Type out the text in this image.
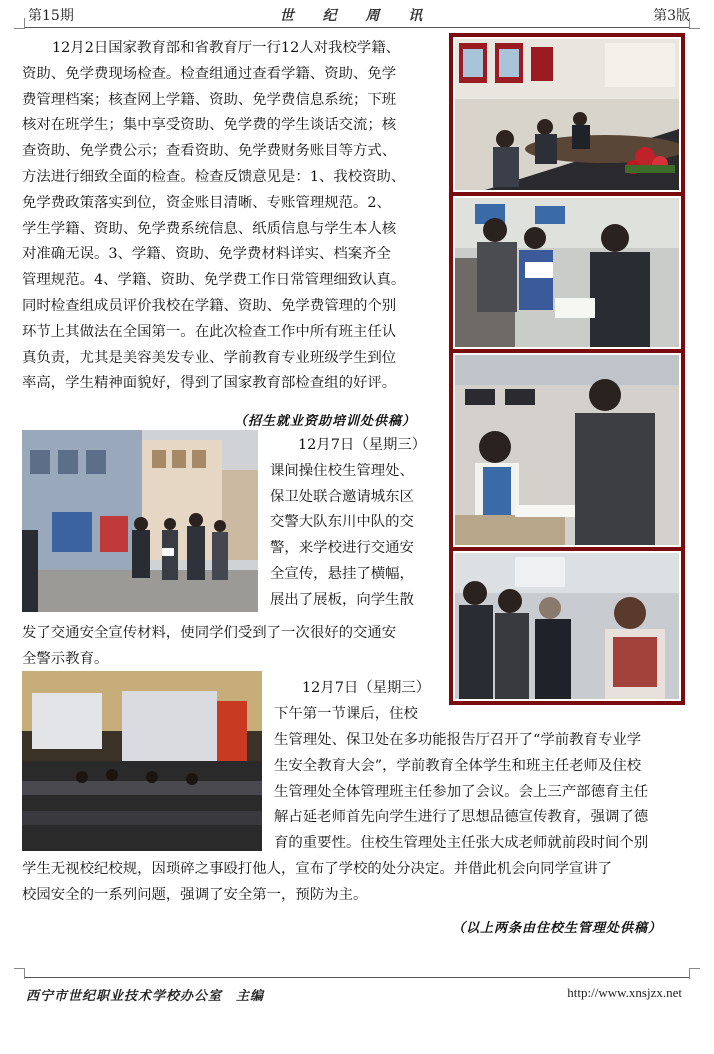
第15期	世 纪 周 讯	第3版

12月2日国家教育部和省教育厅一行12人对我校学籍、

资助、免学费现场检查。检查组通过查看学籍、资助、免学

费管理档案；核查网上学籍、资助、免学费信息系统；下班

核对在班学生；集中享受资助、免学费的学生谈话交流；核

查资助、免学费公示；查看资助、免学费财务账目等方式、

方法进行细致全面的检查。检查反馈意见是：1、我校资助、

免学费政策落实到位，资金账目清晰、专账管理规范。2、

学生学籍、资助、免学费系统信息、纸质信息与学生本人核

对准确无误。3、学籍、资助、免学费材料详实、档案齐全

管理规范。4、学籍、资助、免学费工作日常管理细致认真。

同时检查组成员评价我校在学籍、资助、免学费管理的个别

环节上其做法在全国第一。在此次检查工作中所有班主任认

真负责，尤其是美容美发专业、学前教育专业班级学生到位

率高，学生精神面貌好，得到了国家教育部检查组的好评。

（招生就业资助培训处供稿）

12月7日（星期三）

课间操住校生管理处、

保卫处联合邀请城东区

交警大队东川中队的交

警，来学校进行交通安

全宣传，悬挂了横幅，

展出了展板，向学生散

发了交通安全宣传材料，使同学们受到了一次很好的交通安

全警示教育。

12月7日（星期三）

下午第一节课后，住校

生管理处、保卫处在多功能报告厅召开了“学前教育专业学

生安全教育大会”，学前教育全体学生和班主任老师及住校

生管理处全体管理班主任参加了会议。会上三产部德育主任

解占延老师首先向学生进行了思想品德宣传教育，强调了德

育的重要性。住校生管理处主任张大成老师就前段时间个别

学生无视校纪校规，因琐碎之事殴打他人，宣布了学校的处分决定。并借此机会向同学宣讲了

校园安全的一系列问题，强调了安全第一，预防为主。

（以上两条由住校生管理处供稿）
西宁市世纪职业技术学校办公室　主编	http://www.xnsjzx.net
